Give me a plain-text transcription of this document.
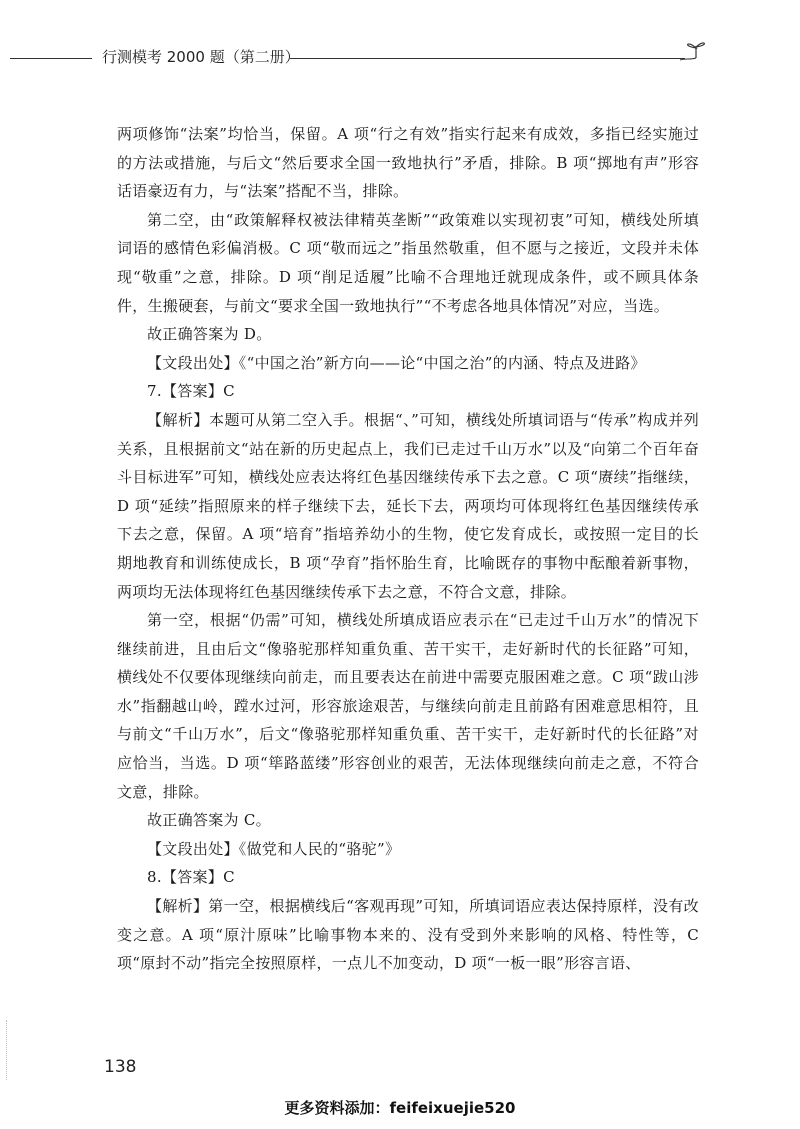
行测模考 2000 题（第二册）

两项修饰“法案”均恰当，保留。A 项“行之有效”指实行起来有成效，多指已经实施过的方法或措施，与后文“然后要求全国一致地执行”矛盾，排除。B 项“掷地有声”形容话语豪迈有力，与“法案”搭配不当，排除。

第二空，由“政策解释权被法律精英垄断”“政策难以实现初衷”可知，横线处所填词语的感情色彩偏消极。C 项“敬而远之”指虽然敬重，但不愿与之接近，文段并未体现“敬重”之意，排除。D 项“削足适履”比喻不合理地迁就现成条件，或不顾具体条件，生搬硬套，与前文“要求全国一致地执行”“不考虑各地具体情况”对应，当选。

故正确答案为 D。

【文段出处】《“中国之治”新方向——论“中国之治”的内涵、特点及进路》

7.【答案】C

【解析】本题可从第二空入手。根据“、”可知，横线处所填词语与“传承”构成并列关系，且根据前文“站在新的历史起点上，我们已走过千山万水”以及“向第二个百年奋斗目标进军”可知，横线处应表达将红色基因继续传承下去之意。C 项“赓续”指继续，D 项“延续”指照原来的样子继续下去，延长下去，两项均可体现将红色基因继续传承下去之意，保留。A 项“培育”指培养幼小的生物，使它发育成长，或按照一定目的长期地教育和训练使成长，B 项“孕育”指怀胎生育，比喻既存的事物中酝酿着新事物，两项均无法体现将红色基因继续传承下去之意，不符合文意，排除。

第一空，根据“仍需”可知，横线处所填成语应表示在“已走过千山万水”的情况下继续前进，且由后文“像骆驼那样知重负重、苦干实干，走好新时代的长征路”可知，横线处不仅要体现继续向前走，而且要表达在前进中需要克服困难之意。C 项“跋山涉水”指翻越山岭，蹚水过河，形容旅途艰苦，与继续向前走且前路有困难意思相符，且与前文“千山万水”，后文“像骆驼那样知重负重、苦干实干，走好新时代的长征路”对应恰当，当选。D 项“筚路蓝缕”形容创业的艰苦，无法体现继续向前走之意，不符合文意，排除。

故正确答案为 C。

【文段出处】《做党和人民的“骆驼”》

8.【答案】C

【解析】第一空，根据横线后“客观再现”可知，所填词语应表达保持原样，没有改变之意。A 项“原汁原味”比喻事物本来的、没有受到外来影响的风格、特性等，C 项“原封不动”指完全按照原样，一点儿不加变动，D 项“一板一眼”形容言语、

138
更多资料添加：feifeixuejie520
